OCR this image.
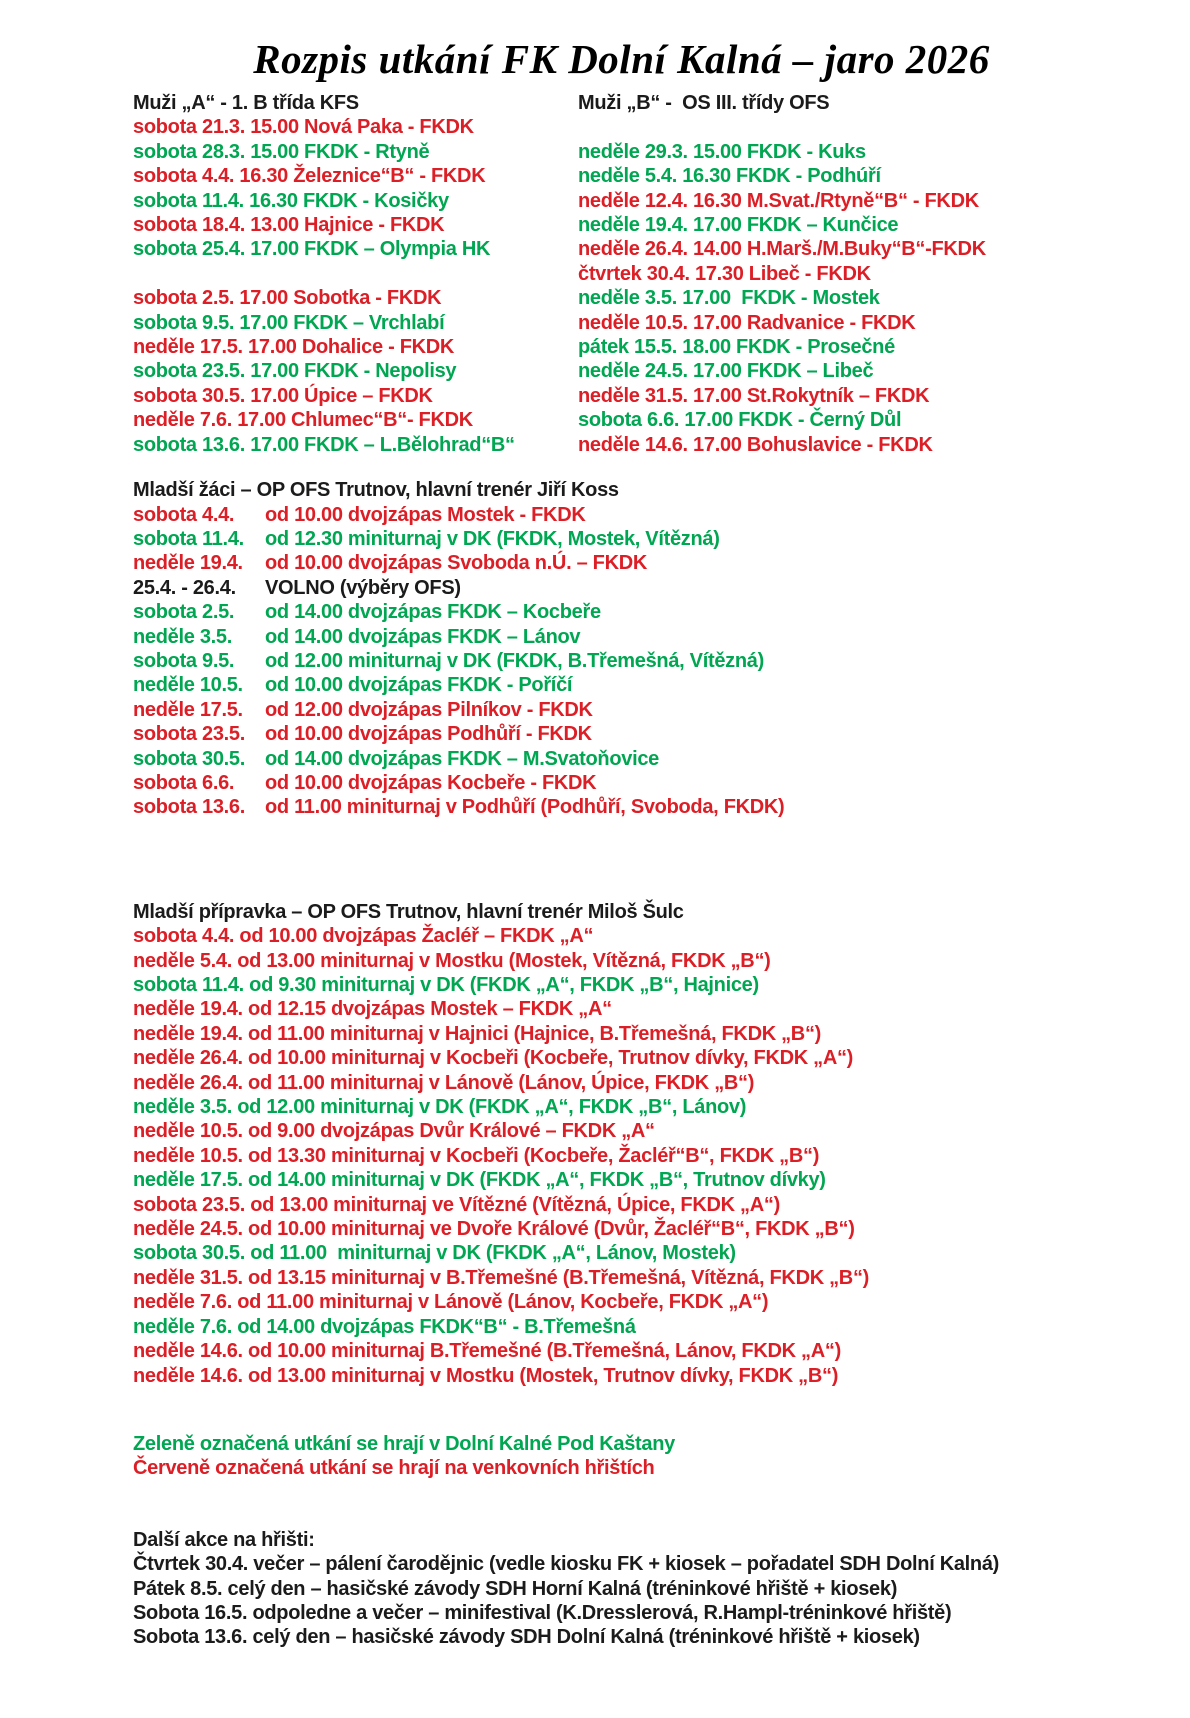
Rozpis utkání FK Dolní Kalná – jaro 2026
Muži „A“ - 1. B třída KFS
sobota 21.3. 15.00 Nová Paka - FKDK
sobota 28.3. 15.00 FKDK - Rtyně
sobota 4.4. 16.30 Železnice“B“ - FKDK
sobota 11.4. 16.30 FKDK - Kosičky
sobota 18.4. 13.00 Hajnice - FKDK
sobota 25.4. 17.00 FKDK – Olympia HK

sobota 2.5. 17.00 Sobotka - FKDK
sobota 9.5. 17.00 FKDK – Vrchlabí
neděle 17.5. 17.00 Dohalice - FKDK
sobota 23.5. 17.00 FKDK - Nepolisy
sobota 30.5. 17.00 Úpice – FKDK
neděle 7.6. 17.00 Chlumec“B“- FKDK
sobota 13.6. 17.00 FKDK – L.Bělohrad“B“
Muži „B“ -  OS III. třídy OFS

neděle 29.3. 15.00 FKDK - Kuks
neděle 5.4. 16.30 FKDK - Podhúří
neděle 12.4. 16.30 M.Svat./Rtyně“B“ - FKDK
neděle 19.4. 17.00 FKDK – Kunčice
neděle 26.4. 14.00 H.Marš./M.Buky“B“-FKDK
čtvrtek 30.4. 17.30 Libeč - FKDK
neděle 3.5. 17.00  FKDK - Mostek
neděle 10.5. 17.00 Radvanice - FKDK
pátek 15.5. 18.00 FKDK - Prosečné
neděle 24.5. 17.00 FKDK – Libeč
neděle 31.5. 17.00 St.Rokytník – FKDK
sobota 6.6. 17.00 FKDK - Černý Důl
neděle 14.6. 17.00 Bohuslavice - FKDK
Mladší žáci – OP OFS Trutnov, hlavní trenér Jiří Koss
sobota 4.4.	od 10.00 dvojzápas Mostek - FKDK
sobota 11.4.	od 12.30 miniturnaj v DK (FKDK, Mostek, Vítězná)
neděle 19.4.	od 10.00 dvojzápas Svoboda n.Ú. – FKDK
25.4. - 26.4.	VOLNO (výběry OFS)
sobota 2.5.	od 14.00 dvojzápas FKDK – Kocbeře
neděle 3.5.	od 14.00 dvojzápas FKDK – Lánov
sobota 9.5.	od 12.00 miniturnaj v DK (FKDK, B.Třemešná, Vítězná)
neděle 10.5.	od 10.00 dvojzápas FKDK - Poříčí
neděle 17.5.	od 12.00 dvojzápas Pilníkov - FKDK
sobota 23.5.	od 10.00 dvojzápas Podhůří - FKDK
sobota 30.5.	od 14.00 dvojzápas FKDK – M.Svatoňovice
sobota 6.6.	od 10.00 dvojzápas Kocbeře - FKDK
sobota 13.6.	od 11.00 miniturnaj v Podhůří (Podhůří, Svoboda, FKDK)
Mladší přípravka – OP OFS Trutnov, hlavní trenér Miloš Šulc
sobota 4.4. od 10.00 dvojzápas Žacléř – FKDK „A“
neděle 5.4. od 13.00 miniturnaj v Mostku (Mostek, Vítězná, FKDK „B“)
sobota 11.4. od 9.30 miniturnaj v DK (FKDK „A“, FKDK „B“, Hajnice)
neděle 19.4. od 12.15 dvojzápas Mostek – FKDK „A“
neděle 19.4. od 11.00 miniturnaj v Hajnici (Hajnice, B.Třemešná, FKDK „B“)
neděle 26.4. od 10.00 miniturnaj v Kocbeři (Kocbeře, Trutnov dívky, FKDK „A“)
neděle 26.4. od 11.00 miniturnaj v Lánově (Lánov, Úpice, FKDK „B“)
neděle 3.5. od 12.00 miniturnaj v DK (FKDK „A“, FKDK „B“, Lánov)
neděle 10.5. od 9.00 dvojzápas Dvůr Králové – FKDK „A“
neděle 10.5. od 13.30 miniturnaj v Kocbeři (Kocbeře, Žacléř“B“, FKDK „B“)
neděle 17.5. od 14.00 miniturnaj v DK (FKDK „A“, FKDK „B“, Trutnov dívky)
sobota 23.5. od 13.00 miniturnaj ve Vítězné (Vítězná, Úpice, FKDK „A“)
neděle 24.5. od 10.00 miniturnaj ve Dvoře Králové (Dvůr, Žacléř“B“, FKDK „B“)
sobota 30.5. od 11.00  miniturnaj v DK (FKDK „A“, Lánov, Mostek)
neděle 31.5. od 13.15 miniturnaj v B.Třemešné (B.Třemešná, Vítězná, FKDK „B“)
neděle 7.6. od 11.00 miniturnaj v Lánově (Lánov, Kocbeře, FKDK „A“)
neděle 7.6. od 14.00 dvojzápas FKDK“B“ - B.Třemešná
neděle 14.6. od 10.00 miniturnaj B.Třemešné (B.Třemešná, Lánov, FKDK „A“)
neděle 14.6. od 13.00 miniturnaj v Mostku (Mostek, Trutnov dívky, FKDK „B“)
Zeleně označená utkání se hrají v Dolní Kalné Pod Kaštany
Červeně označená utkání se hrají na venkovních hřištích
Další akce na hřišti:
Čtvrtek 30.4. večer – pálení čarodějnic (vedle kiosku FK + kiosek – pořadatel SDH Dolní Kalná)
Pátek 8.5. celý den – hasičské závody SDH Horní Kalná (tréninkové hřiště + kiosek)
Sobota 16.5. odpoledne a večer – minifestival (K.Dresslerová, R.Hampl-tréninkové hřiště)
Sobota 13.6. celý den – hasičské závody SDH Dolní Kalná (tréninkové hřiště + kiosek)
